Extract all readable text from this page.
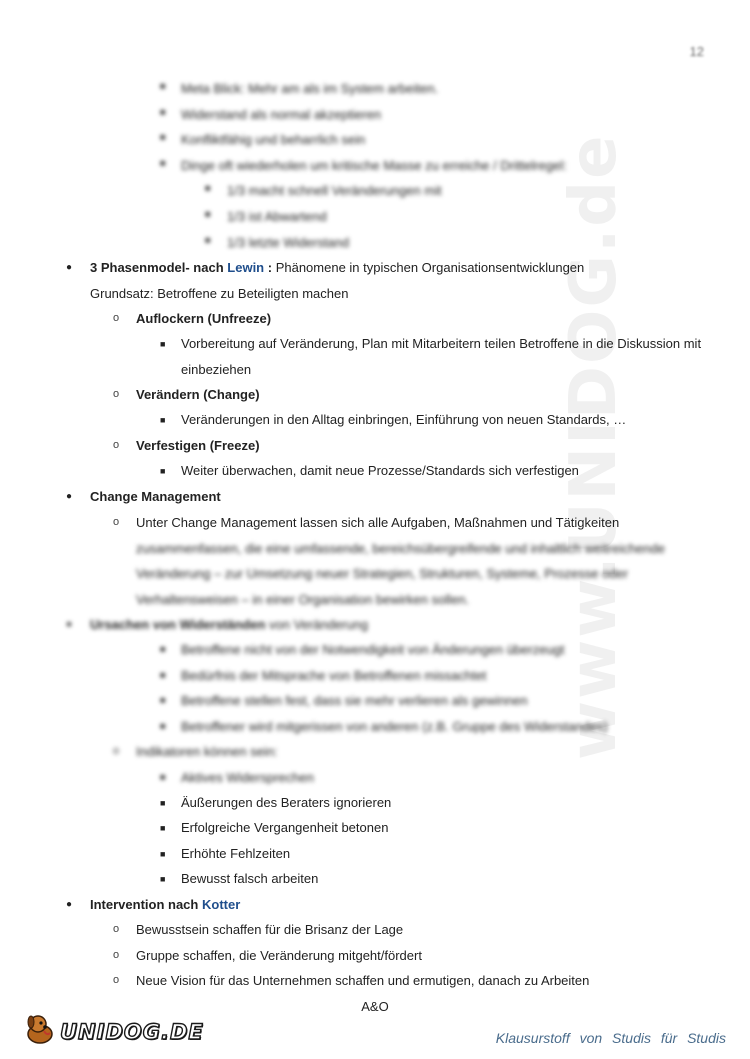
12
www.UNIDOG.de
■ Meta Blick: Mehr am als im System arbeiten.
■ Widerstand als normal akzeptieren
■ Konfliktfähig und beharrlich sein
■ Dinge oft wiederholen um kritische Masse zu erreiche / Drittelregel:
■ 1/3 macht schnell Veränderungen mit
■ 1/3 ist Abwartend
■ 1/3 letzte Widerstand
● 3 Phasenmodel- nach Lewin : Phänomene in typischen Organisationsentwicklungen
Grundsatz: Betroffene zu Beteiligten machen
o Auflockern (Unfreeze)
■ Vorbereitung auf Veränderung, Plan mit Mitarbeitern teilen Betroffene in die Diskussion mit
einbeziehen
o Verändern (Change)
■ Veränderungen in den Alltag einbringen, Einführung von neuen Standards, …
o Verfestigen (Freeze)
■ Weiter überwachen, damit neue Prozesse/Standards sich verfestigen
● Change Management
o Unter Change Management lassen sich alle Aufgaben, Maßnahmen und Tätigkeiten
zusammenfassen, die eine umfassende, bereichsübergreifende und inhaltlich weitreichende
Veränderung – zur Umsetzung neuer Strategien, Strukturen, Systeme, Prozesse oder
Verhaltensweisen – in einer Organisation bewirken sollen.
● Ursachen von Widerständen von Veränderung
■ Betroffene nicht von der Notwendigkeit von Änderungen überzeugt
■ Bedürfnis der Mitsprache von Betroffenen missachtet
■ Betroffene stellen fest, dass sie mehr verlieren als gewinnen
■ Betroffener wird mitgerissen von anderen (z.B. Gruppe des Widerstandes)
o Indikatoren können sein:
■ Aktives Widersprechen
■ Äußerungen des Beraters ignorieren
■ Erfolgreiche Vergangenheit betonen
■ Erhöhte Fehlzeiten
■ Bewusst falsch arbeiten
● Intervention nach Kotter
o Bewusstsein schaffen für die Brisanz der Lage
o Gruppe schaffen, die Veränderung mitgeht/fördert
o Neue Vision für das Unternehmen schaffen und ermutigen, danach zu Arbeiten
A&O
UNIDOG.DE	Klausurstoff von Studis für Studis
